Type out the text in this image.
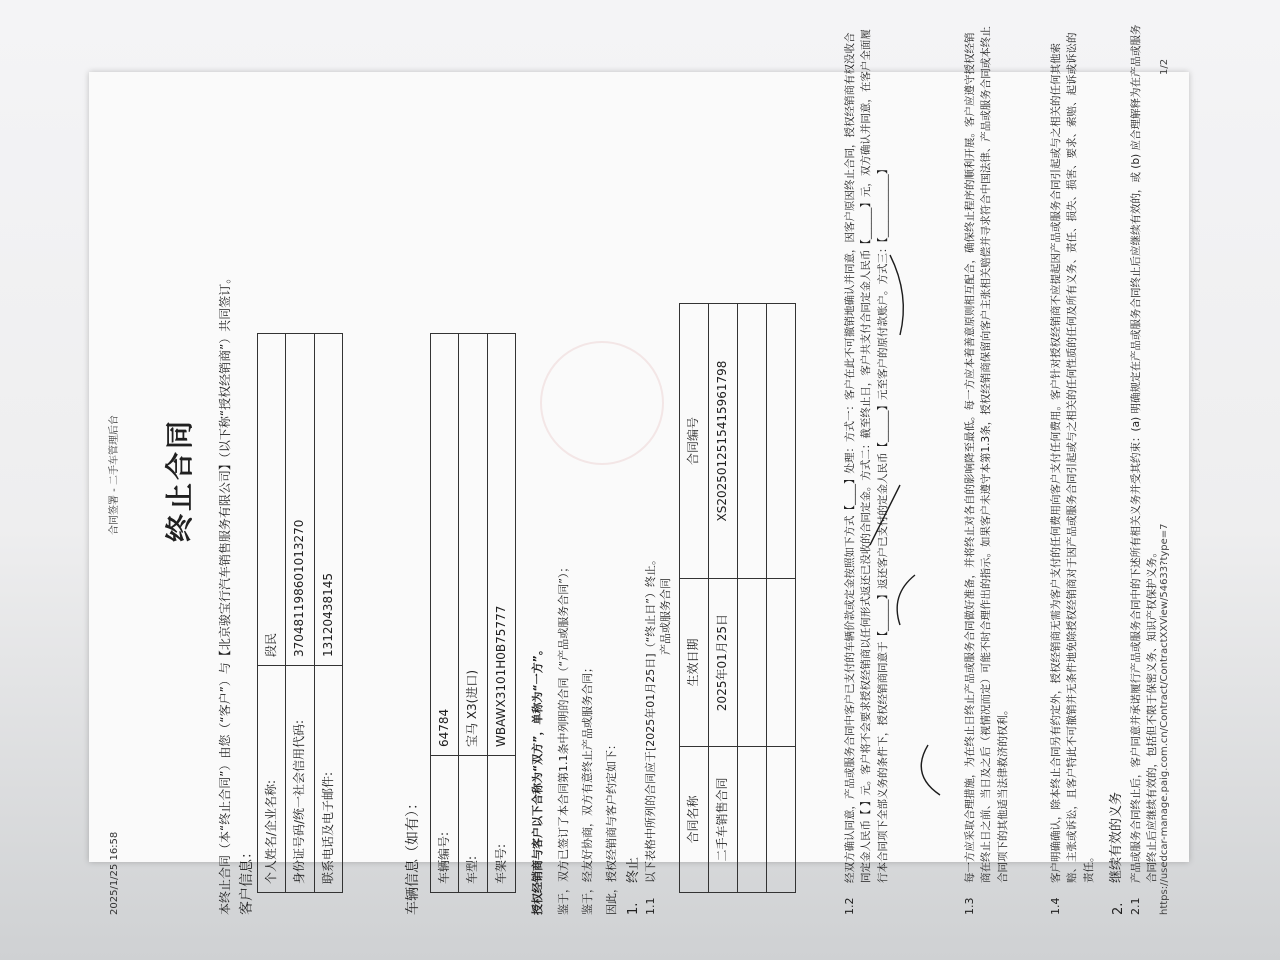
2025/1/25 16:58
合同签署 - 二手车管理后台 终止合同	本终止合同（本“终止合同”）由您（“客户”）与【北京骏宝行汽车销售服务有限公司】（以下称“授权经销商”）共同签订。 客户信息： 个人姓名/企业名称:	段民
身份证号码/统一社会信用代码:	370481198601013270
联系电话及电子邮件:	13120438145
车辆信息（如有）： 车辆编号:	64784
车型:	宝马 X3(进口)
车架号:	WBAWX3101H0B75777 授权经销商与客户以下合称为“双方”，单称为“一方”。 鉴于，双方已签订了本合同第1.1条中列明的合同（“产品或服务合同”）； 鉴于，经友好协商，双方有意终止产品或服务合同； 因此，授权经销商与客户约定如下： 1.
终止
1.1
以下表格中所列的合同应于[2025年01月25日]（“终止日”）终止。 产品或服务合同
合同名称	生效日期	合同编号
二手车销售合同	2025年01月25日	XS202501251541596179​8

1.2
经双方确认同意，产品或服务合同中客户已支付的车辆价款或定金按照如下方式【____】处理：方式一：客户在此不可撤销地确认并同意，因客户原因终止合同，授权经销商有权没收合同定金人民币【 】元。客户将不会要求授权经销商以任何形式返还已没收的合同定金。方式二：截至终止日，客户共支付合同定金人民币【______】元，双方确认并同意，在客户全面履行本合同项下全部义务的条件下，授权经销商同意于【______】返还客户已支付的定金人民币【______】元至客户的原付款账户。方式三：【____________】
1.3
每一方应采取合理措施，为在终止日终止产品或服务合同做好准备，并将终止对各自的影响降至最低。每一方应本着善意原则相互配合，确保终止程序的顺利开展。客户应遵守授权经销商在终止日之前、当日及之后（视情况而定）可能不时合理作出的指示。如果客户未遵守本第1.3条，授权经销商保留向客户主张相关赔偿并寻求符合中国法律、产品或服务合同或本终止合同项下的其他适当法律救济的权利。
1.4
客户明确确认，除本终止合同另有约定外，授权经销商无需为客户支付的任何费用向客户支付任何费用。客户针对授权经销商不应提起因产品或服务合同引起或与之相关的任何其他索赔、主张或诉讼，且客户特此不可撤销并无条件地免除授权经销商对于因产品或服务合同引起或与之相关的任何性质的任何及所有义务、责任、损失、损害、要求、索赔、起诉或诉讼的责任。
2.
继续有效的义务
2.1
产品或服务合同终止后，客户同意并承诺履行产品或服务合同中的下述所有相关义务并受其约束：(a) 明确规定在产品或服务合同终止后应继续有效的，或 (b) 应合理解释为在产品或服务合同终止后应继续有效的，包括但不限于保密义务、知识产权保护义务。 https://usedcar-manage.paig.com.cn/Contract/ContractXXView/54633?type=7
1/2
